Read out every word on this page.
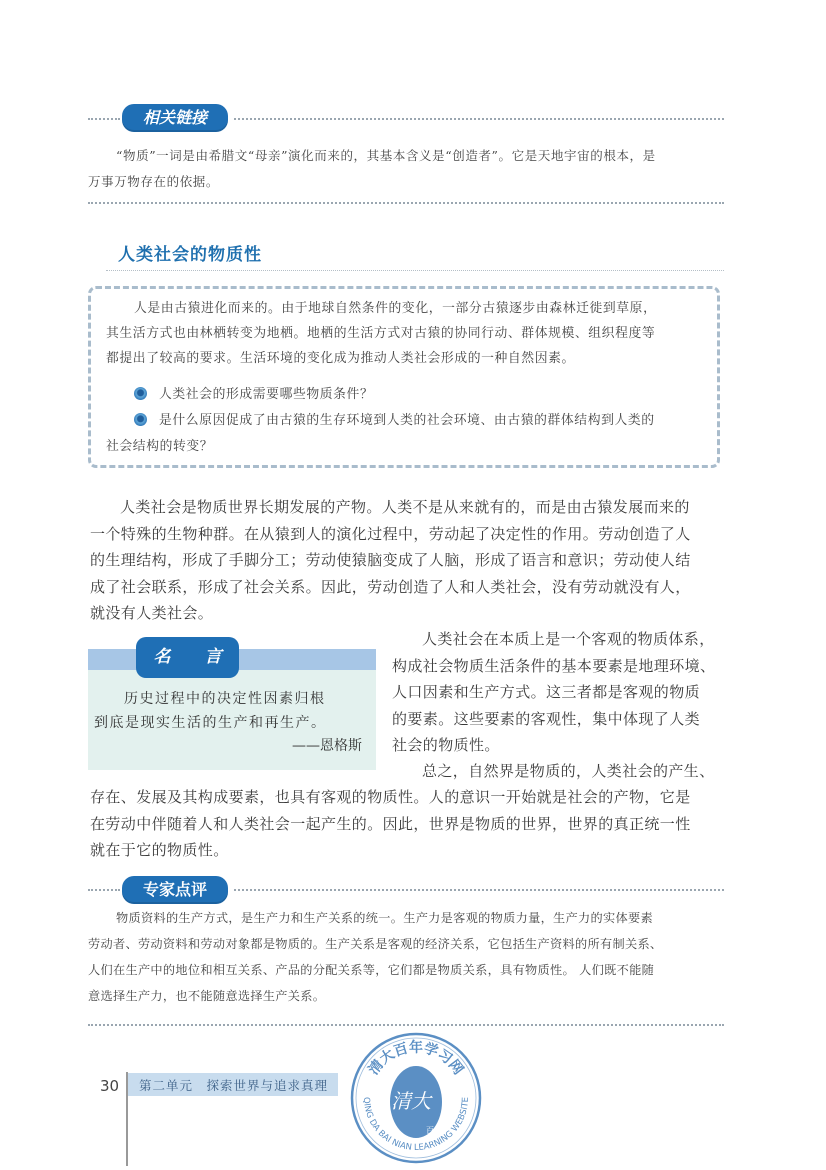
相关链接
“物质”一词是由希腊文“母亲”演化而来的，其基本含义是“创造者”。它是天地宇宙的根本，是
万事万物存在的依据。
人类社会的物质性
人是由古猿进化而来的。由于地球自然条件的变化，一部分古猿逐步由森林迁徙到草原，
其生活方式也由林栖转变为地栖。地栖的生活方式对古猿的协同行动、群体规模、组织程度等
都提出了较高的要求。生活环境的变化成为推动人类社会形成的一种自然因素。
人类社会的形成需要哪些物质条件？
是什么原因促成了由古猿的生存环境到人类的社会环境、由古猿的群体结构到人类的
社会结构的转变？
人类社会是物质世界长期发展的产物。人类不是从来就有的，而是由古猿发展而来的
一个特殊的生物种群。在从猿到人的演化过程中，劳动起了决定性的作用。劳动创造了人
的生理结构，形成了手脚分工；劳动使猿脑变成了人脑，形成了语言和意识；劳动使人结
成了社会联系，形成了社会关系。因此，劳动创造了人和人类社会，没有劳动就没有人，
就没有人类社会。
名 言
历史过程中的决定性因素归根
到底是现实生活的生产和再生产。
——恩格斯
人类社会在本质上是一个客观的物质体系，
构成社会物质生活条件的基本要素是地理环境、
人口因素和生产方式。这三者都是客观的物质
的要素。这些要素的客观性，集中体现了人类
社会的物质性。
总之，自然界是物质的，人类社会的产生、
存在、发展及其构成要素，也具有客观的物质性。人的意识一开始就是社会的产物，它是
在劳动中伴随着人和人类社会一起产生的。因此，世界是物质的世界，世界的真正统一性
就在于它的物质性。
专家点评
物质资料的生产方式，是生产力和生产关系的统一。生产力是客观的物质力量，生产力的实体要素
劳动者、劳动资料和劳动对象都是物质的。生产关系是客观的经济关系，它包括生产资料的所有制关系、
人们在生产中的地位和相互关系、产品的分配关系等，它们都是物质关系，具有物质性。 人们既不能随
意选择生产力，也不能随意选择生产关系。
30 第二单元　探索世界与追求真理
清大百年学习网
QING DA BAI NIAN LEARNING WEBSITE
清大
百年
